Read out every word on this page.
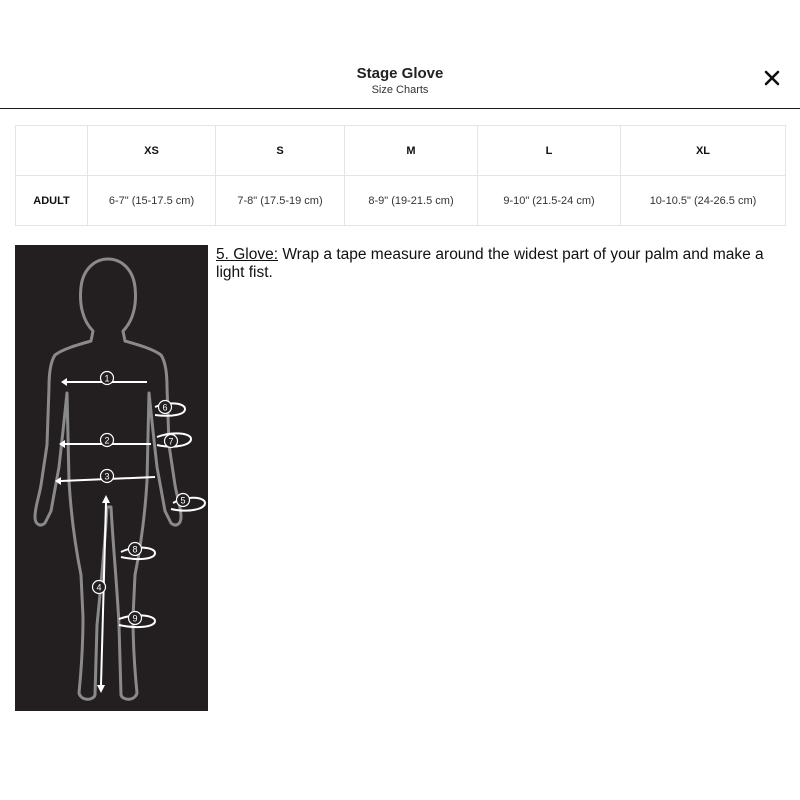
Stage Glove
Size Charts
	XS	S	M	L	XL
ADULT	6-7" (15-17.5 cm)	7-8" (17.5-19 cm)	8-9" (19-21.5 cm)	9-10" (21.5-24 cm)	10-10.5" (24-26.5 cm)
1
2
3
4
5
6
7
8
9
5. Glove: Wrap a tape measure around the widest part of your palm and make a light fist.
